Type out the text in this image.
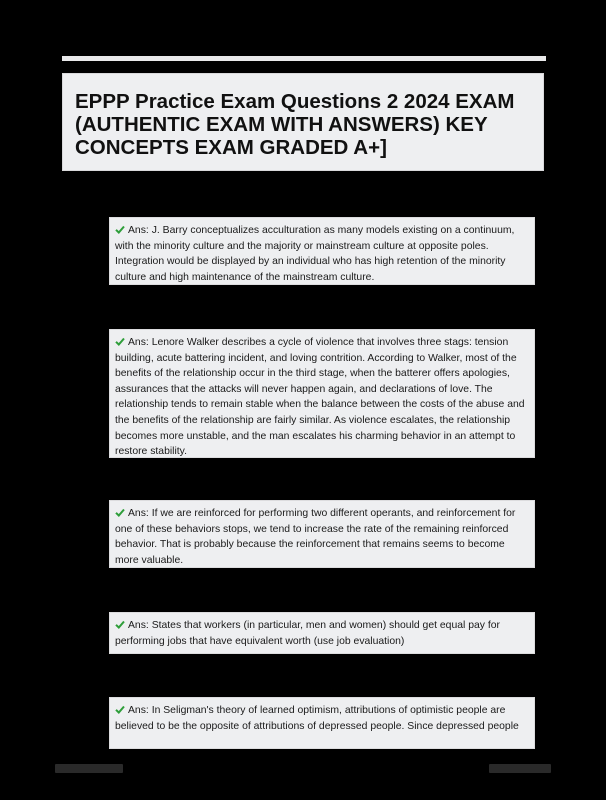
EPPP Practice Exam Questions 2 2024 EXAM (AUTHENTIC EXAM WITH ANSWERS) KEY CONCEPTS EXAM GRADED A+]
Ans: J. Barry conceptualizes acculturation as many models existing on a continuum, with the minority culture and the majority or mainstream culture at opposite poles. Integration would be displayed by an individual who has high retention of the minority culture and high maintenance of the mainstream culture.
Ans: Lenore Walker describes a cycle of violence that involves three stags: tension building, acute battering incident, and loving contrition. According to Walker, most of the benefits of the relationship occur in the third stage, when the batterer offers apologies, assurances that the attacks will never happen again, and declarations of love. The relationship tends to remain stable when the balance between the costs of the abuse and the benefits of the relationship are fairly similar. As violence escalates, the relationship becomes more unstable, and the man escalates his charming behavior in an attempt to restore stability.
Ans: If we are reinforced for performing two different operants, and reinforcement for one of these behaviors stops, we tend to increase the rate of the remaining reinforced behavior. That is probably because the reinforcement that remains seems to become more valuable.
Ans: States that workers (in particular, men and women) should get equal pay for performing jobs that have equivalent worth (use job evaluation)
Ans: In Seligman's theory of learned optimism, attributions of optimistic people are believed to be the opposite of attributions of depressed people. Since depressed people
